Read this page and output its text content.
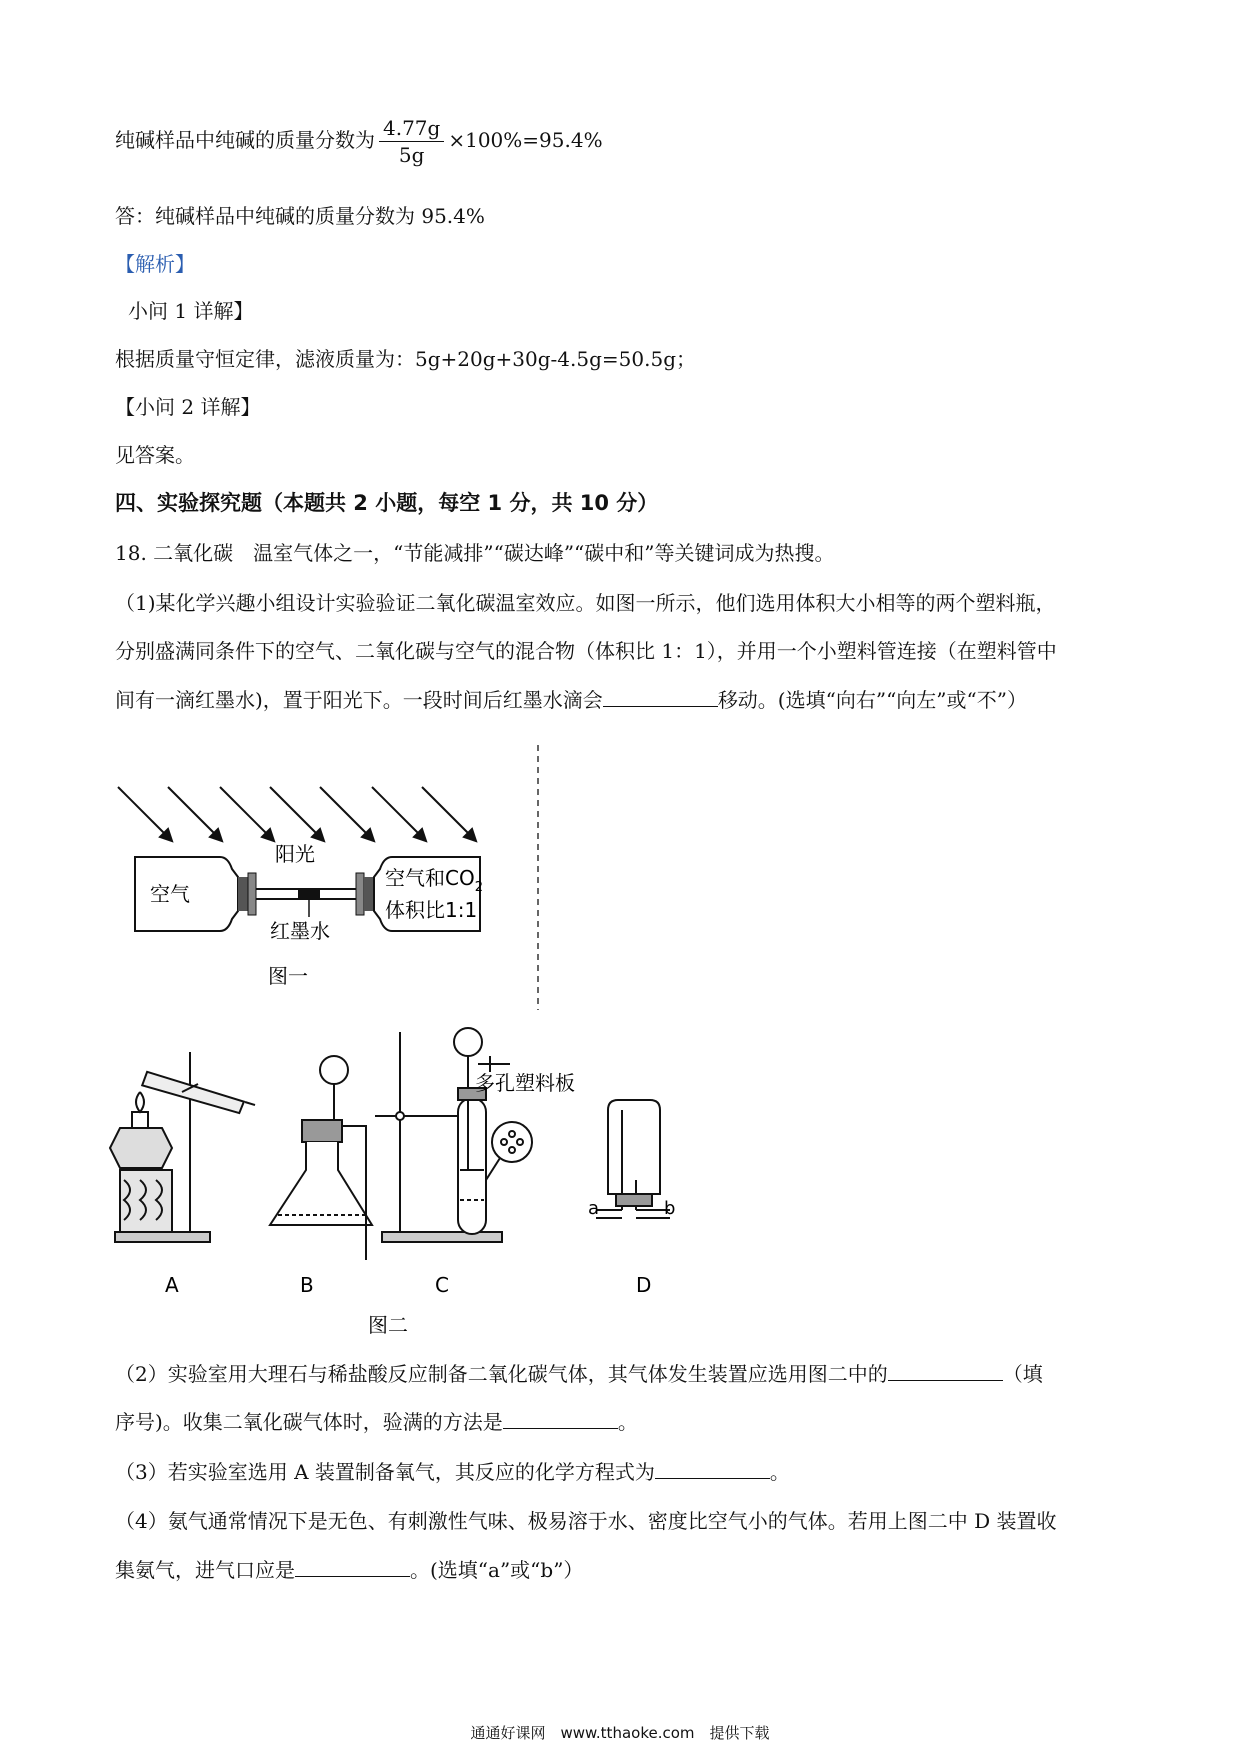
纯碱样品中纯碱的质量分数为 $\frac{4.77g}{5g} \times 100\%=95.4\%$
答：纯碱样品中纯碱的质量分数为 95.4%
【解析】
小问 1 详解】
根据质量守恒定律，滤液质量为：5g+20g+30g-4.5g=50.5g；
【小问 2 详解】
见答案。
四、实验探究题（本题共 2 小题，每空 1 分，共 10 分）
18. 二氧化碳　温室气体之一，“节能减排”“碳达峰”“碳中和”等关键词成为热搜。
（1)某化学兴趣小组设计实验验证二氧化碳温室效应。如图一所示，他们选用体积大小相等的两个塑料瓶，
分别盛满同条件下的空气、二氧化碳与空气的混合物（体积比 1：1），并用一个小塑料管连接（在塑料管中
间有一滴红墨水)，置于阳光下。一段时间后红墨水滴会	移动。(选填“向右”“向左”或“不”）
空气
阳光
红墨水
空气和$CO_2$
体积比1:1
图一
A	B
多孔塑料板
C
图二
a	b
D
（2）实验室用大理石与稀盐酸反应制备二氧化碳气体，其气体发生装置应选用图二中的	（填
序号)。收集二氧化碳气体时，验满的方法是	。
（3）若实验室选用 A 装置制备氧气，其反应的化学方程式为	。
（4）氨气通常情况下是无色、有刺激性气味、极易溶于水、密度比空气小的气体。若用上图二中 D 装置收
集氨气，进气口应是	。(选填“a”或“b”）
通通好课网　www.tthaoke.com　提供下载
